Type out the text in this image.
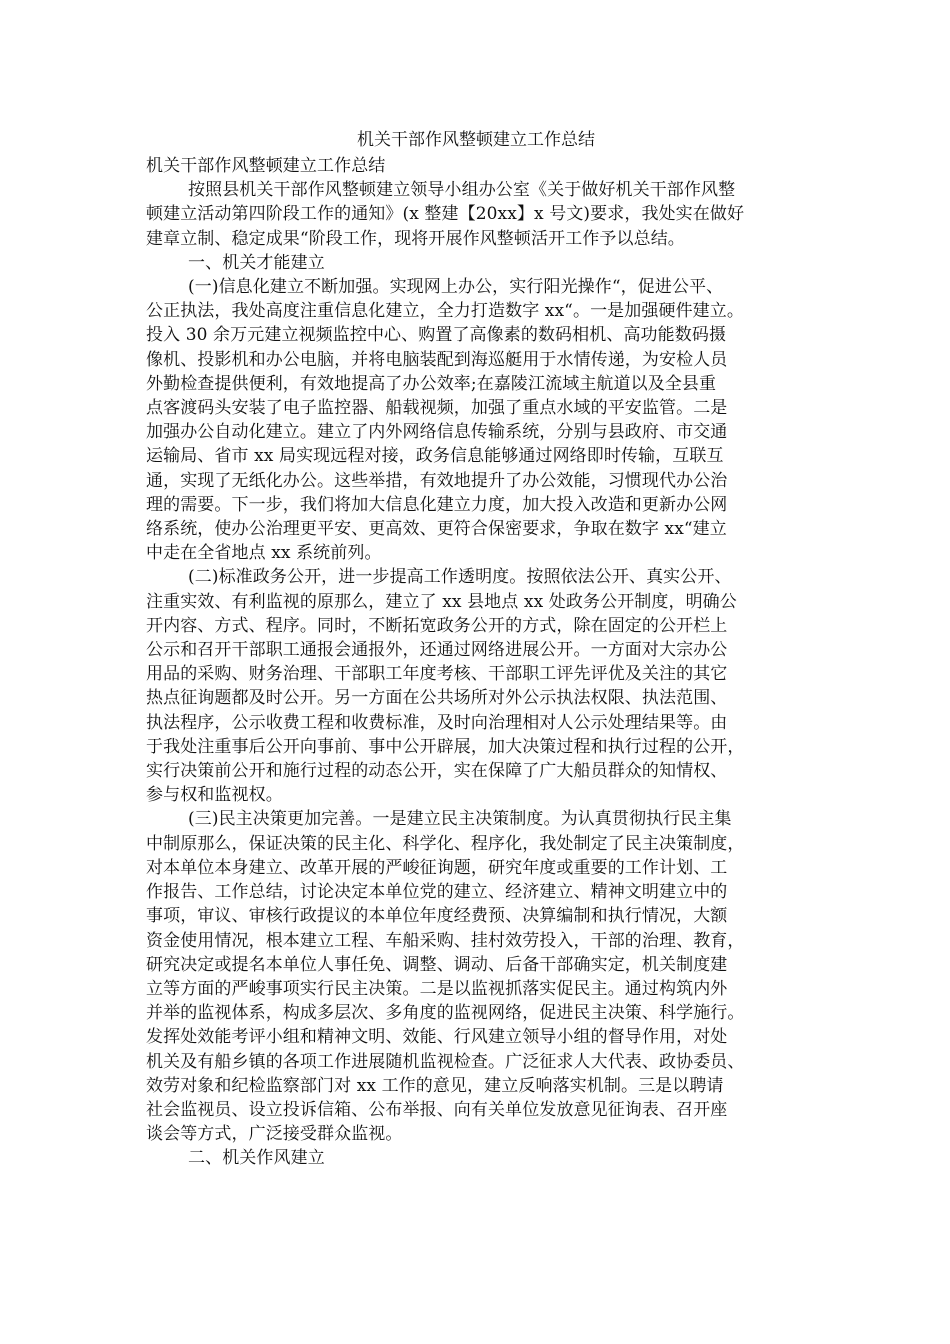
机关干部作风整顿建立工作总结

机关干部作风整顿建立工作总结

按照县机关干部作风整顿建立领导小组办公室《关于做好机关干部作风整

顿建立活动第四阶段工作的通知》(x 整建【20xx】x 号文)要求，我处实在做好

建章立制、稳定成果“阶段工作，现将开展作风整顿活开工作予以总结。

一、机关才能建立

(一)信息化建立不断加强。实现网上办公，实行阳光操作“，促进公平、

公正执法，我处高度注重信息化建立，全力打造数字 xx“。一是加强硬件建立。

投入 30 余万元建立视频监控中心、购置了高像素的数码相机、高功能数码摄

像机、投影机和办公电脑，并将电脑装配到海巡艇用于水情传递，为安检人员

外勤检查提供便利，有效地提高了办公效率;在嘉陵江流域主航道以及全县重

点客渡码头安装了电子监控器、船载视频，加强了重点水域的平安监管。二是

加强办公自动化建立。建立了内外网络信息传输系统，分别与县政府、市交通

运输局、省市 xx 局实现远程对接，政务信息能够通过网络即时传输，互联互

通，实现了无纸化办公。这些举措，有效地提升了办公效能，习惯现代办公治

理的需要。下一步，我们将加大信息化建立力度，加大投入改造和更新办公网

络系统，使办公治理更平安、更高效、更符合保密要求，争取在数字 xx“建立

中走在全省地点 xx 系统前列。

(二)标准政务公开，进一步提高工作透明度。按照依法公开、真实公开、

注重实效、有利监视的原那么，建立了 xx 县地点 xx 处政务公开制度，明确公

开内容、方式、程序。同时，不断拓宽政务公开的方式，除在固定的公开栏上

公示和召开干部职工通报会通报外，还通过网络进展公开。一方面对大宗办公

用品的采购、财务治理、干部职工年度考核、干部职工评先评优及关注的其它

热点征询题都及时公开。另一方面在公共场所对外公示执法权限、执法范围、

执法程序，公示收费工程和收费标准，及时向治理相对人公示处理结果等。由

于我处注重事后公开向事前、事中公开辟展，加大决策过程和执行过程的公开，

实行决策前公开和施行过程的动态公开，实在保障了广大船员群众的知情权、

参与权和监视权。

(三)民主决策更加完善。一是建立民主决策制度。为认真贯彻执行民主集

中制原那么，保证决策的民主化、科学化、程序化，我处制定了民主决策制度，

对本单位本身建立、改革开展的严峻征询题，研究年度或重要的工作计划、工

作报告、工作总结，讨论决定本单位党的建立、经济建立、精神文明建立中的

事项，审议、审核行政提议的本单位年度经费预、决算编制和执行情况，大额

资金使用情况，根本建立工程、车船采购、挂村效劳投入，干部的治理、教育，

研究决定或提名本单位人事任免、调整、调动、后备干部确实定，机关制度建

立等方面的严峻事项实行民主决策。二是以监视抓落实促民主。通过构筑内外

并举的监视体系，构成多层次、多角度的监视网络，促进民主决策、科学施行。

发挥处效能考评小组和精神文明、效能、行风建立领导小组的督导作用，对处

机关及有船乡镇的各项工作进展随机监视检查。广泛征求人大代表、政协委员、

效劳对象和纪检监察部门对 xx 工作的意见，建立反响落实机制。三是以聘请

社会监视员、设立投诉信箱、公布举报、向有关单位发放意见征询表、召开座

谈会等方式，广泛接受群众监视。

二、机关作风建立
